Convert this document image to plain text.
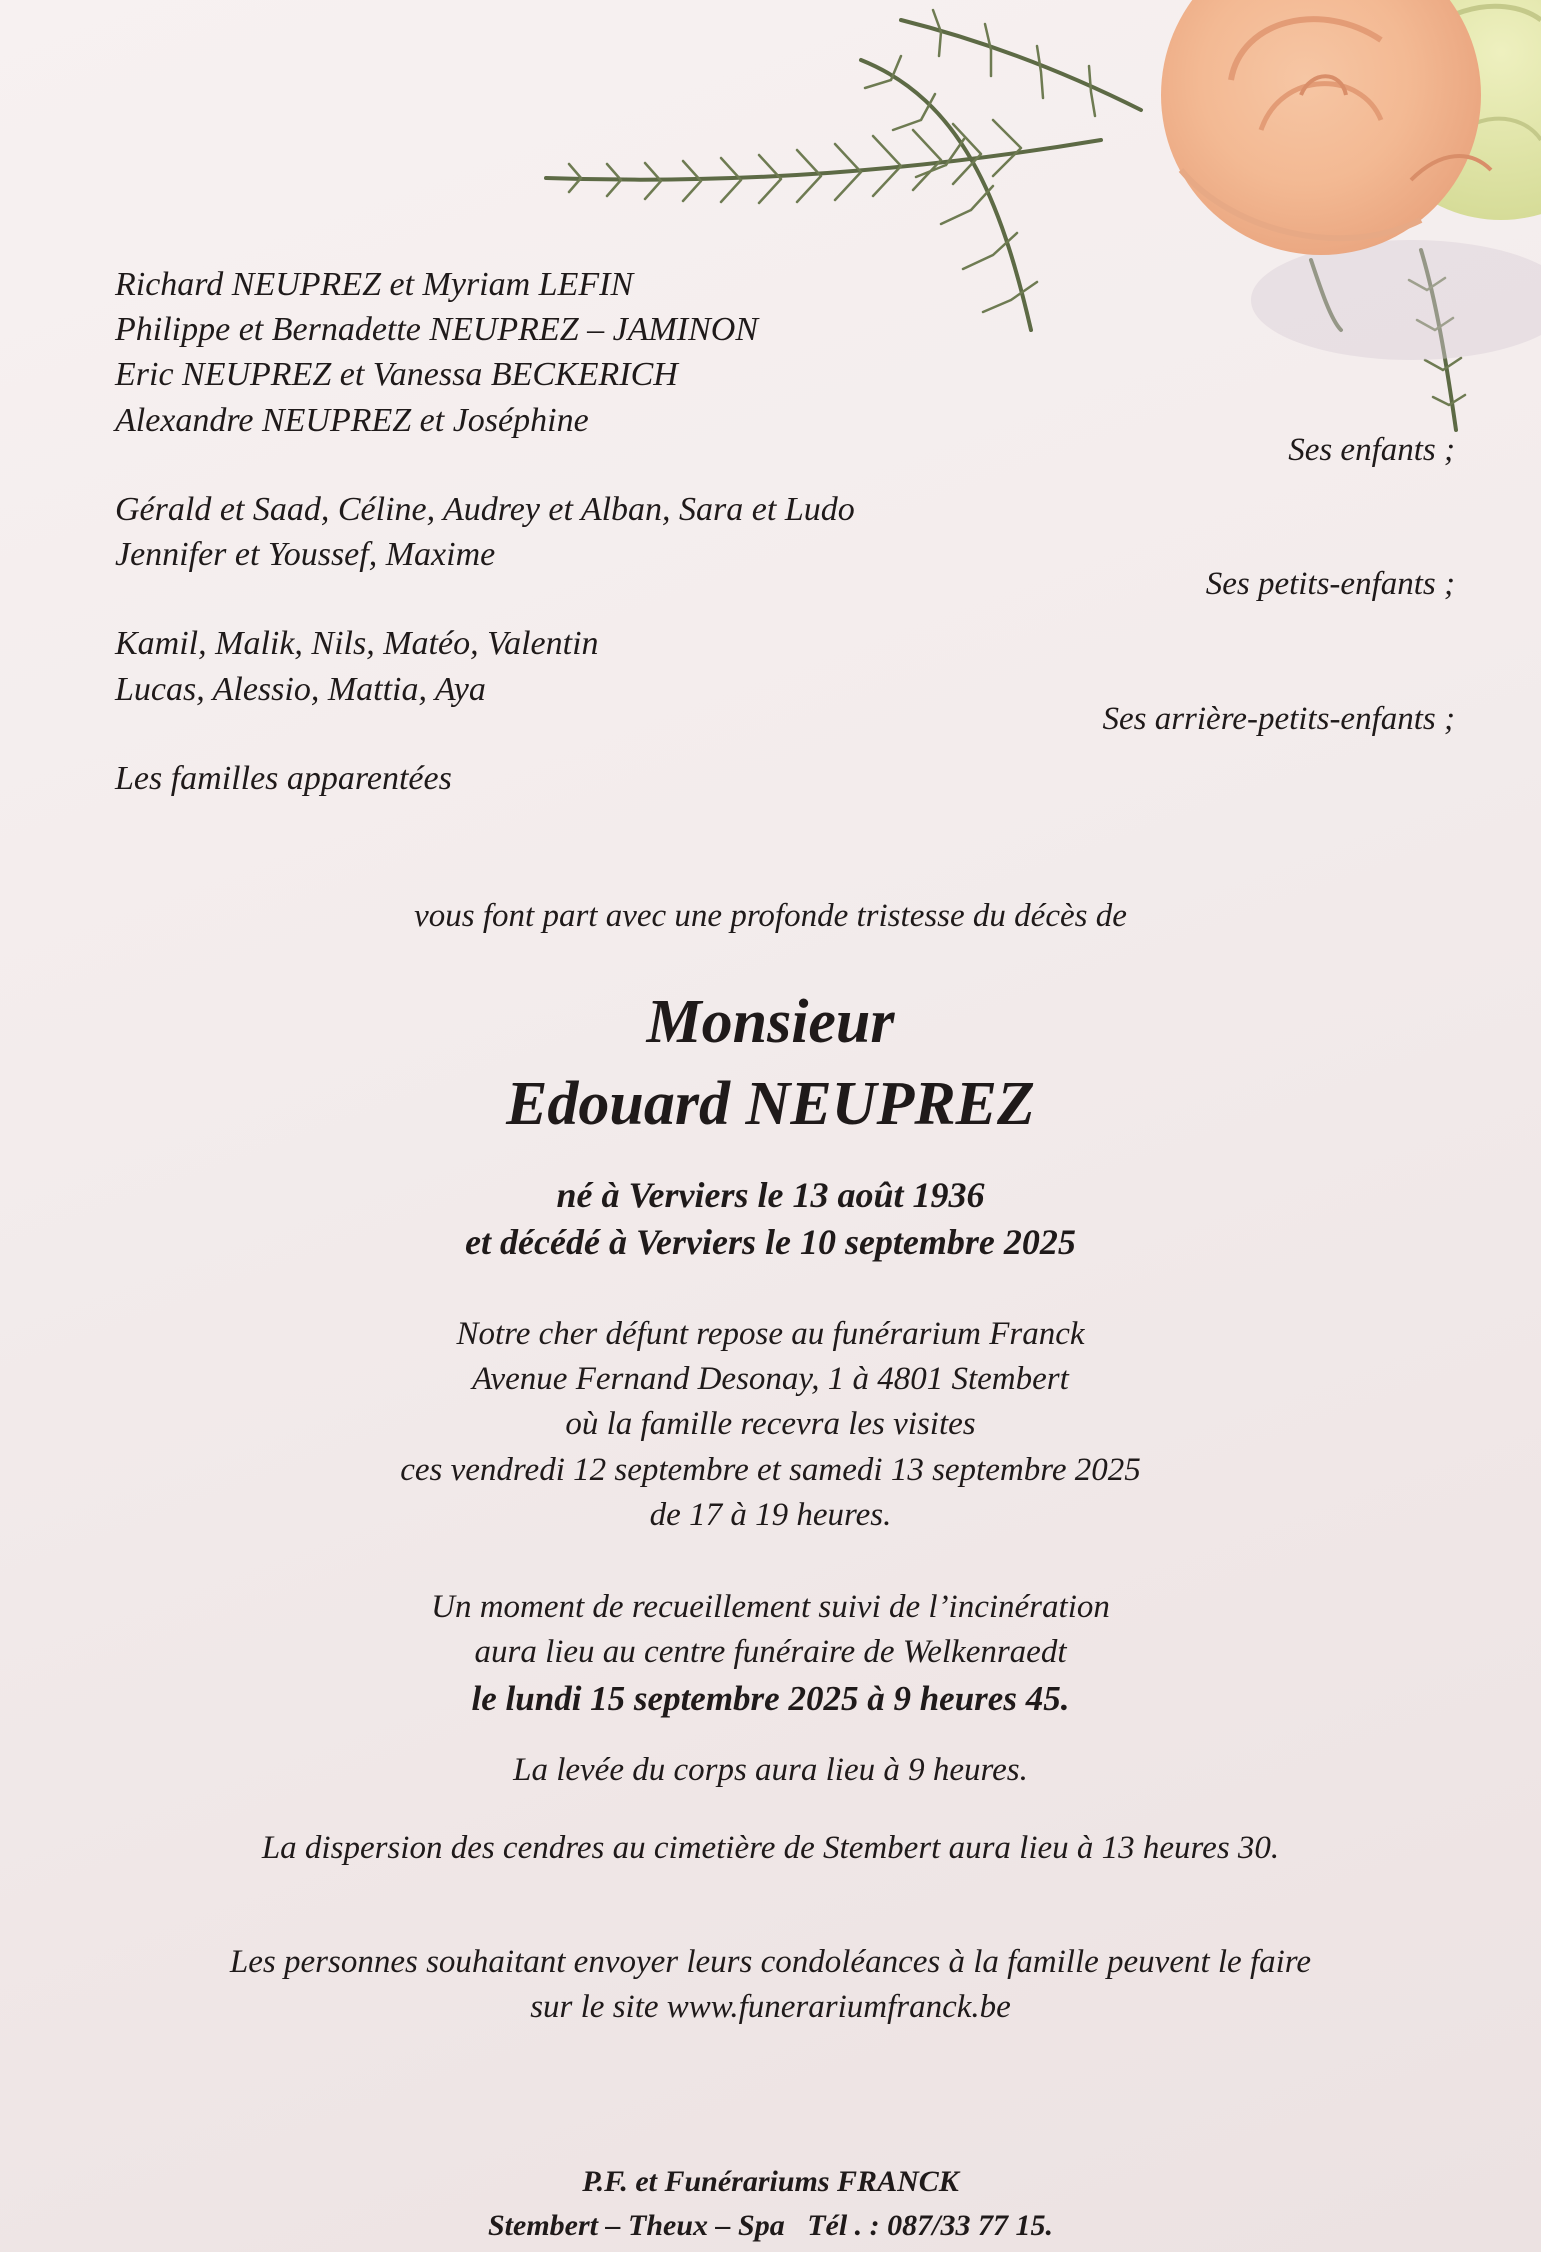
Richard NEUPREZ et Myriam LEFIN
Philippe et Bernadette NEUPREZ – JAMINON
Eric NEUPREZ et Vanessa BECKERICH
Alexandre NEUPREZ et Joséphine
Ses enfants ;
Gérald et Saad, Céline, Audrey et Alban, Sara et Ludo
Jennifer et Youssef, Maxime
Ses petits-enfants ;
Kamil, Malik, Nils, Matéo, Valentin
Lucas, Alessio, Mattia, Aya
Ses arrière-petits-enfants ;
Les familles apparentées
vous font part avec une profonde tristesse du décès de
Monsieur
Edouard NEUPREZ
né à Verviers le 13 août 1936
et décédé à Verviers le 10 septembre 2025
Notre cher défunt repose au funérarium Franck
Avenue Fernand Desonay, 1 à 4801 Stembert
où la famille recevra les visites
ces vendredi 12 septembre et samedi 13 septembre 2025
de 17 à 19 heures.
Un moment de recueillement suivi de l’incinération
aura lieu au centre funéraire de Welkenraedt
le lundi 15 septembre 2025 à 9 heures 45.
La levée du corps aura lieu à 9 heures.
La dispersion des cendres au cimetière de Stembert aura lieu à 13 heures 30.
Les personnes souhaitant envoyer leurs condoléances à la famille peuvent le faire
sur le site www.funerariumfranck.be
P.F. et Funérariums FRANCK
Stembert – Theux – Spa   Tél . : 087/33 77 15.
